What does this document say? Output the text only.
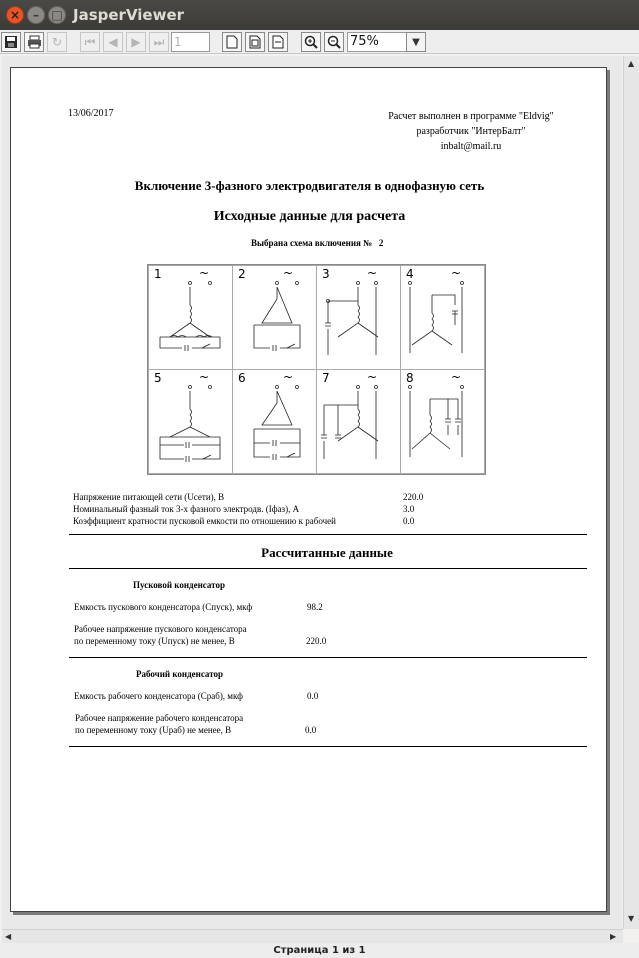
×	–	□ JasperViewer
↻ ⏮ ◀ ▶ ⏭ 1	75%	▼
▲
▼
◀	▶
13/06/2017	Расчет выполнен в программе "Eldvig"
разработчик "ИнтерБалт"
inbalt@mail.ru
Включение 3-фазного электродвигателя в однофазную сеть
Исходные данные для расчета
Выбрана схема включения № 2
1	~ 2	~ 3	~ 4	~
5	~ 6	~ 7	~ 8	~
Напряжение питающей сети (Uсети), В	220.0
Номинальный фазный ток 3-х фазного электродв. (Iфаз), А	3.0
Коэффициент кратности пусковой емкости по отношению к рабочей	0.0
Рассчитанные данные
Пусковой конденсатор
Емкость пускового конденсатора (Cпуск), мкф	98.2
Рабочее напряжение пускового конденсатора
по переменному току (Uпуск) не менее, В	220.0
Рабочий конденсатор
Емкость рабочего конденсатора (Cраб), мкф	0.0
Рабочее напряжение рабочего конденсатора
по переменному току (Uраб) не менее, В	0.0
Страница 1 из 1
